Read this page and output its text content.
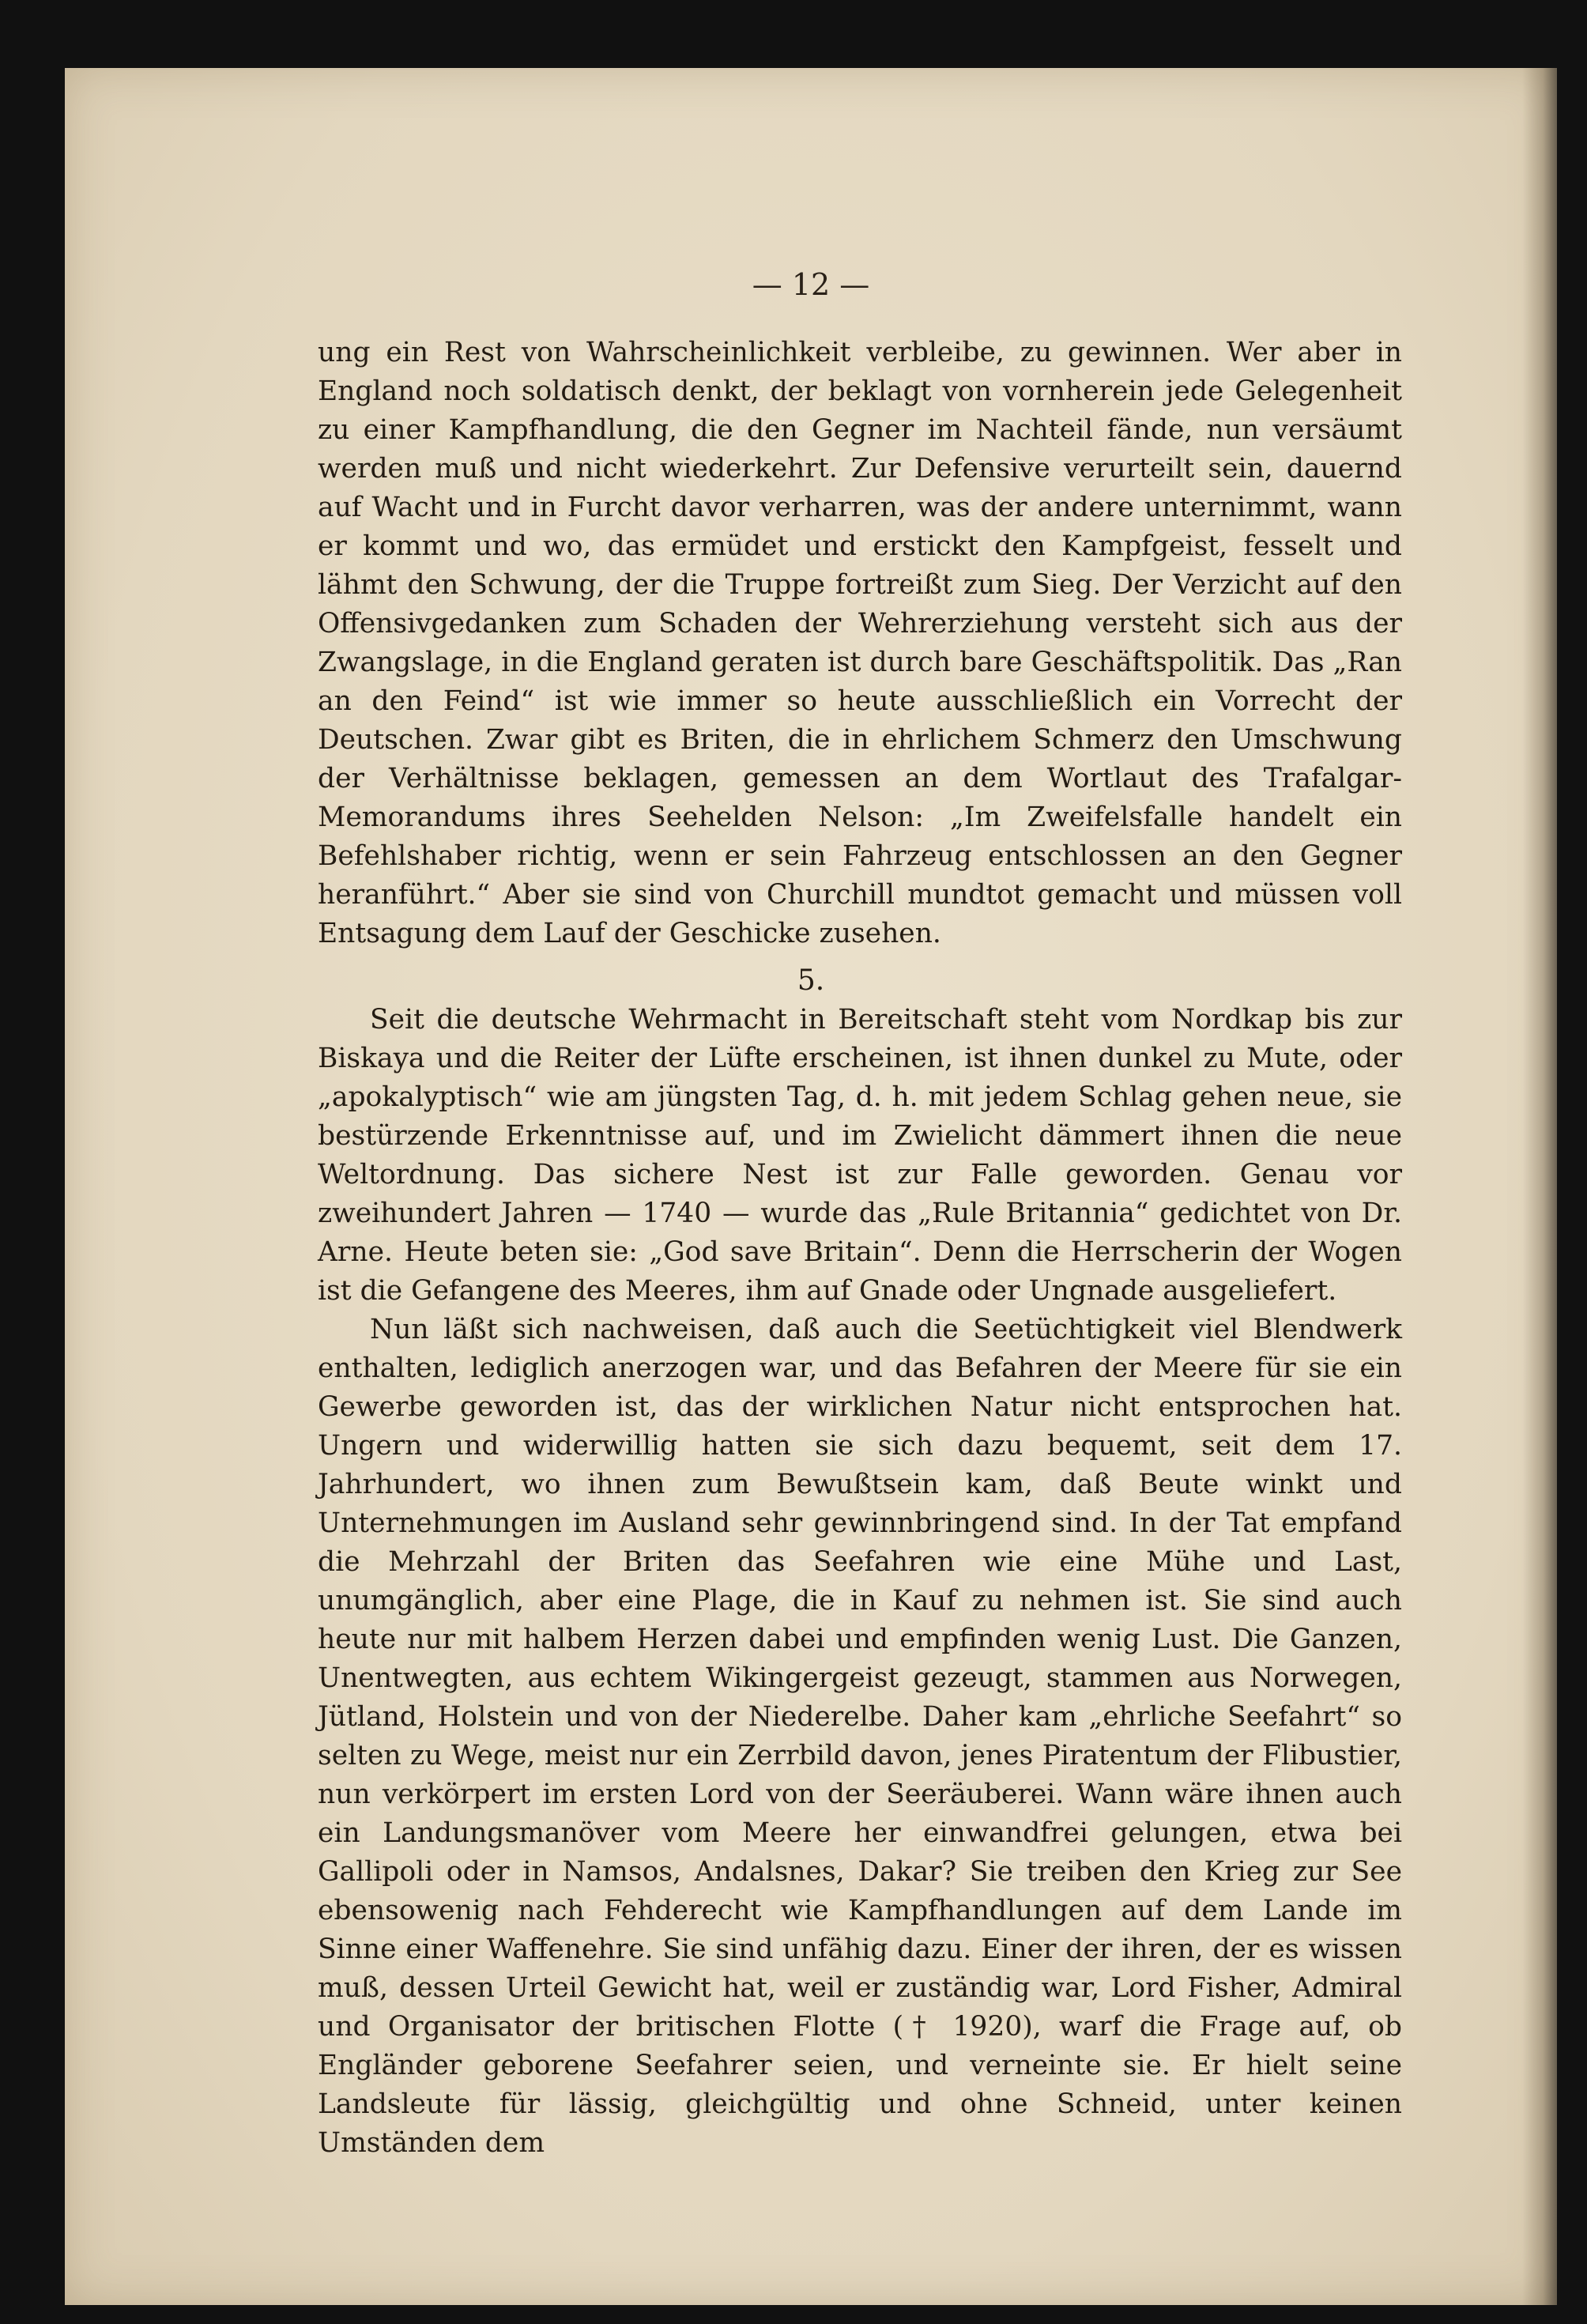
— 12 —

ung ein Rest von Wahrscheinlichkeit verbleibe, zu gewinnen. Wer aber in England noch soldatisch denkt, der beklagt von vornherein jede Gelegenheit zu einer Kampfhandlung, die den Gegner im Nachteil fände, nun versäumt werden muß und nicht wiederkehrt. Zur Defensive verurteilt sein, dauernd auf Wacht und in Furcht davor verharren, was der andere unternimmt, wann er kommt und wo, das ermüdet und erstickt den Kampfgeist, fesselt und lähmt den Schwung, der die Truppe fortreißt zum Sieg. Der Verzicht auf den Offensivgedanken zum Schaden der Wehrerziehung versteht sich aus der Zwangslage, in die England geraten ist durch bare Geschäftspolitik. Das „Ran an den Feind“ ist wie immer so heute ausschließlich ein Vorrecht der Deutschen. Zwar gibt es Briten, die in ehrlichem Schmerz den Umschwung der Verhältnisse beklagen, gemessen an dem Wortlaut des Trafalgar-Memorandums ihres Seehelden Nelson: „Im Zweifelsfalle handelt ein Befehlshaber richtig, wenn er sein Fahrzeug entschlossen an den Gegner heranführt.“ Aber sie sind von Churchill mundtot gemacht und müssen voll Entsagung dem Lauf der Geschicke zusehen.

5.

Seit die deutsche Wehrmacht in Bereitschaft steht vom Nordkap bis zur Biskaya und die Reiter der Lüfte erscheinen, ist ihnen dunkel zu Mute, oder „apokalyptisch“ wie am jüngsten Tag, d. h. mit jedem Schlag gehen neue, sie bestürzende Erkenntnisse auf, und im Zwielicht dämmert ihnen die neue Weltordnung. Das sichere Nest ist zur Falle geworden. Genau vor zweihundert Jahren — 1740 — wurde das „Rule Britannia“ gedichtet von Dr. Arne. Heute beten sie: „God save Britain“. Denn die Herrscherin der Wogen ist die Gefangene des Meeres, ihm auf Gnade oder Ungnade ausgeliefert.

Nun läßt sich nachweisen, daß auch die Seetüchtigkeit viel Blendwerk enthalten, lediglich anerzogen war, und das Befahren der Meere für sie ein Gewerbe geworden ist, das der wirklichen Natur nicht entsprochen hat. Ungern und widerwillig hatten sie sich dazu bequemt, seit dem 17. Jahrhundert, wo ihnen zum Bewußtsein kam, daß Beute winkt und Unternehmungen im Ausland sehr gewinnbringend sind. In der Tat empfand die Mehrzahl der Briten das Seefahren wie eine Mühe und Last, unumgänglich, aber eine Plage, die in Kauf zu nehmen ist. Sie sind auch heute nur mit halbem Herzen dabei und empfinden wenig Lust. Die Ganzen, Unentwegten, aus echtem Wikingergeist gezeugt, stammen aus Norwegen, Jütland, Holstein und von der Niederelbe. Daher kam „ehrliche Seefahrt“ so selten zu Wege, meist nur ein Zerrbild davon, jenes Piratentum der Flibustier, nun verkörpert im ersten Lord von der Seeräuberei. Wann wäre ihnen auch ein Landungsmanöver vom Meere her einwandfrei gelungen, etwa bei Gallipoli oder in Namsos, Andalsnes, Dakar? Sie treiben den Krieg zur See ebensowenig nach Fehderecht wie Kampfhandlungen auf dem Lande im Sinne einer Waffenehre. Sie sind unfähig dazu. Einer der ihren, der es wissen muß, dessen Urteil Gewicht hat, weil er zuständig war, Lord Fisher, Admiral und Organisator der britischen Flotte († 1920), warf die Frage auf, ob Engländer geborene Seefahrer seien, und verneinte sie. Er hielt seine Landsleute für lässig, gleichgültig und ohne Schneid, unter keinen Umständen dem
